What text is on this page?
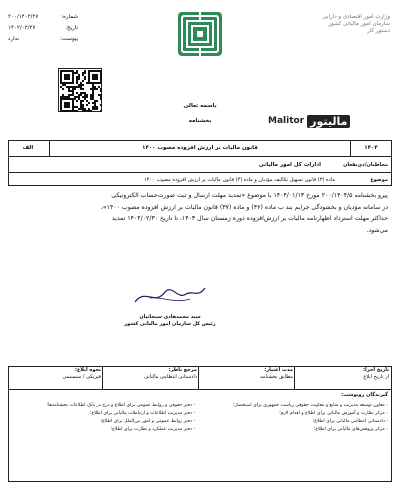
شماره:
۲۰۰/۱۴۰۲/۲۷
تاریخ:
۱۴۰۲/۰۲/۲۷
پیوست:
ندارد
وزارت امور اقتصادی و دارایی
سازمان امور مالیاتی کشور
دستور کار
باسمه تعالی
بخشنامه	Malitor مالیتور
۱۴۰۴
قانون مالیات بر ارزش افزوده مصوب ۱۴۰۰
الف
مخاطبان/ذی‌نفعان
ادارات کل امور مالیاتی
موضوع
ماده (۳) قانون تسهیل تکالیف مؤدیان و ماده (۴) قانون مالیات بر ارزش افزوده مصوب ۱۴۰۰
پیرو بخشنامه ۲۰۰/۱۴۰۴/۵ مورخ ۱۴۰۴/۰۱/۱۳ با موضوع «تمدید مهلت ارسال و ثبت صورت‌حساب الکترونیکی
در سامانه مؤدیان و بخشودگی جرایم بند ب ماده (۳۶) و ماده (۳۷) قانون مالیات بر ارزش افزوده مصوب ۱۴۰۰»،
حداکثر مهلت استرداد اظهارنامه مالیات بر ارزش‌افزوده دوره زمستان سال ۱۴۰۳، تا تاریخ ۱۴۰۴/۰۲/۳۰ تمدید
می‌شود.
سید محمدهادی سبحانیان
رئیس کل سازمان امور مالیاتی کشور
تاریخ اجرا:
از تاریخ ابلاغ
مدت اعتبار:
مطابق بخشنامه
مرجع ناظر:
دادستانی انتظامی مالیاتی
نحوه ابلاغ:
فیزیکی / سیستمی
گیرندگان رونوشت:
- معاون توسعه مدیریت و منابع و معاونت حقوقی ریاست جمهوری برای استحضار؛
- مرکز نظارت و آموزش مالیاتی برای اطلاع و اقدام لازم؛
- دادستانی انتظامی مالیاتی برای اطلاع؛
- مرکز پژوهش‌های مالیاتی برای اطلاع؛
- دفتر حقوقی و روابط عمومی برای اطلاع و درج در بانک اطلاعات بخشنامه‌ها؛
- دفتر مدیریت اطلاعات و ارتباطات مالیاتی برای اطلاع؛
- دفتر روابط عمومی و امور بین‌الملل برای اطلاع؛
- دفتر مدیریت عملکرد و نظارت برای اطلاع؛
